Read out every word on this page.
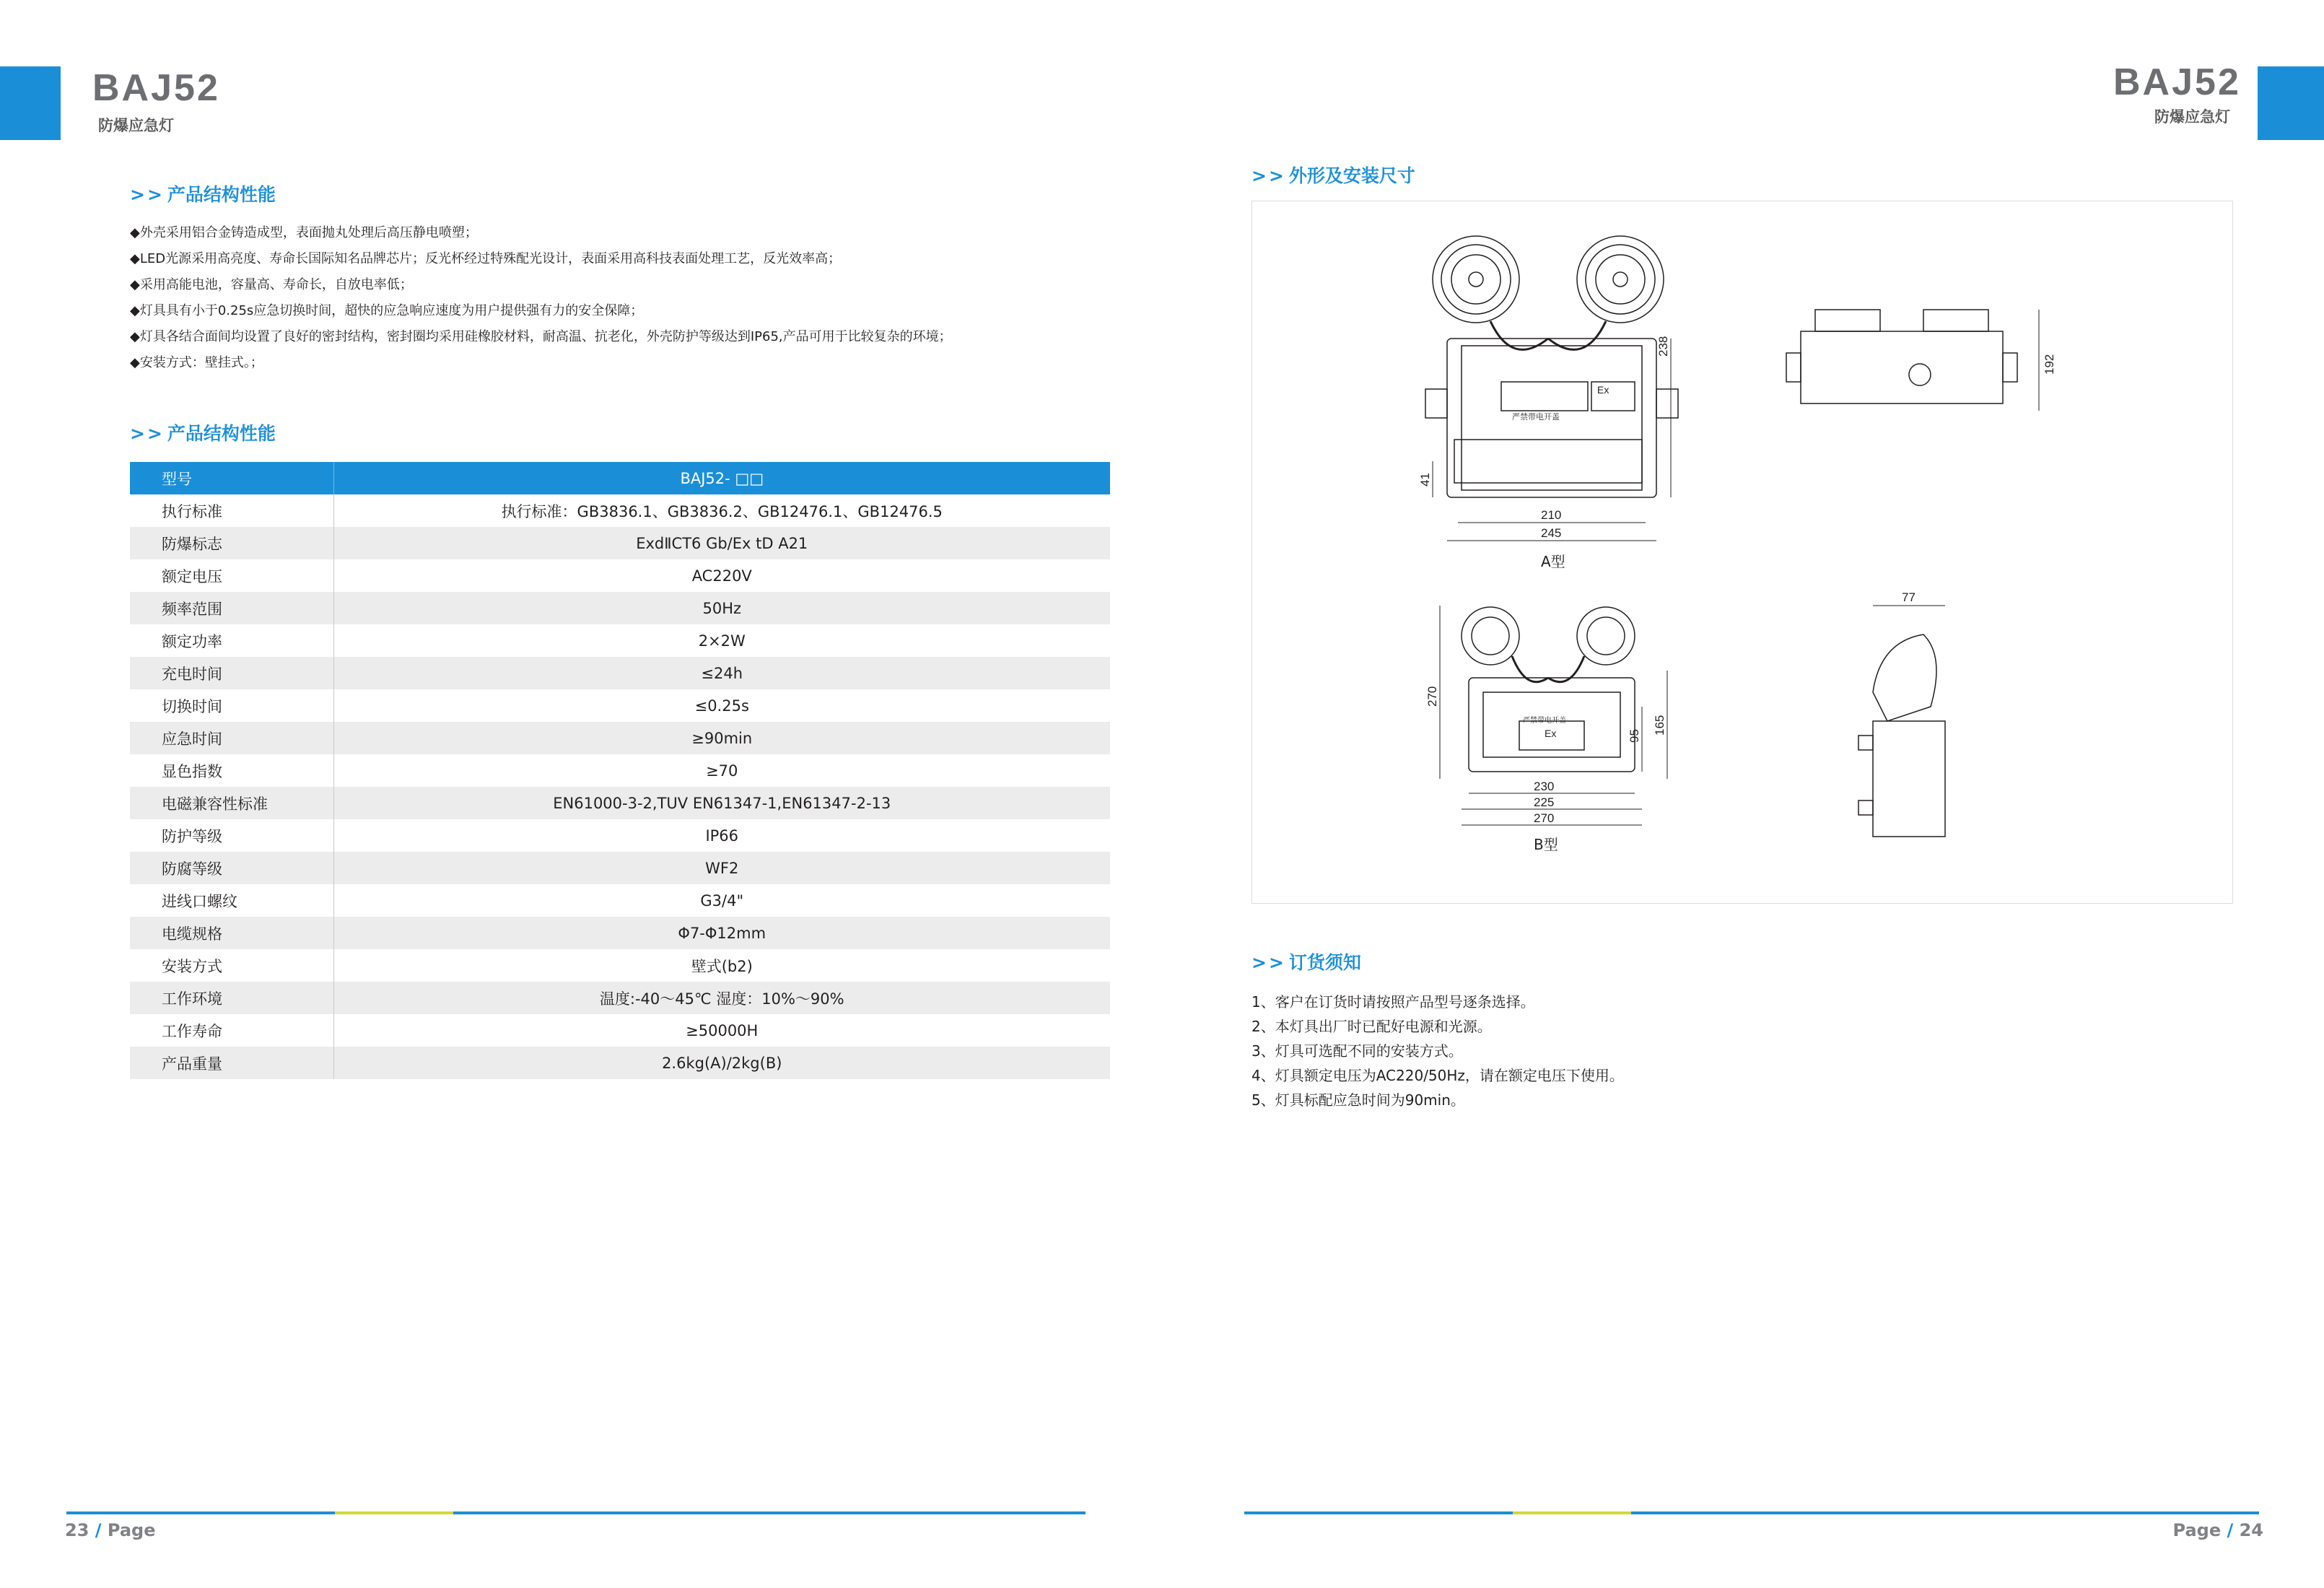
BAJ52
防爆应急灯
BAJ52
防爆应急灯
>> 产品结构性能
◆外壳采用铝合金铸造成型，表面抛丸处理后高压静电喷塑；
◆LED光源采用高亮度、寿命长国际知名品牌芯片；反光杯经过特殊配光设计，表面采用高科技表面处理工艺，反光效率高；
◆采用高能电池，容量高、寿命长，自放电率低；
◆灯具具有小于0.25s应急切换时间，超快的应急响应速度为用户提供强有力的安全保障；
◆灯具各结合面间均设置了良好的密封结构，密封圈均采用硅橡胶材料，耐高温、抗老化，外壳防护等级达到IP65,产品可用于比较复杂的环境；
◆安装方式：壁挂式。；
>> 产品结构性能
型号	BAJ52- □□
执行标准	执行标准：GB3836.1、GB3836.2、GB12476.1、GB12476.5
防爆标志	ExdⅡCT6 Gb/Ex tD A21
额定电压	AC220V
频率范围	50Hz
额定功率	2×2W
充电时间	≤24h
切换时间	≤0.25s
应急时间	≥90min
显色指数	≥70
电磁兼容性标准	EN61000-3-2,TUV EN61347-1,EN61347-2-13
防护等级	IP66
防腐等级	WF2
进线口螺纹	G3/4"
电缆规格	Φ7-Φ12mm
安装方式	壁式(b2)
工作环境	温度:-40～45℃ 湿度：10%～90%
工作寿命	≥50000H
产品重量	2.6kg(A)/2kg(B)
>> 外形及安装尺寸
238
41
210
245
192
A型
270
95
165
230
225
270
B型
77
Ex
严禁带电开盖
严禁带电开盖
Ex
>> 订货须知
1、客户在订货时请按照产品型号逐条选择。
2、本灯具出厂时已配好电源和光源。
3、灯具可选配不同的安装方式。
4、灯具额定电压为AC220/50Hz，请在额定电压下使用。
5、灯具标配应急时间为90min。
23 / Page	Page / 24
